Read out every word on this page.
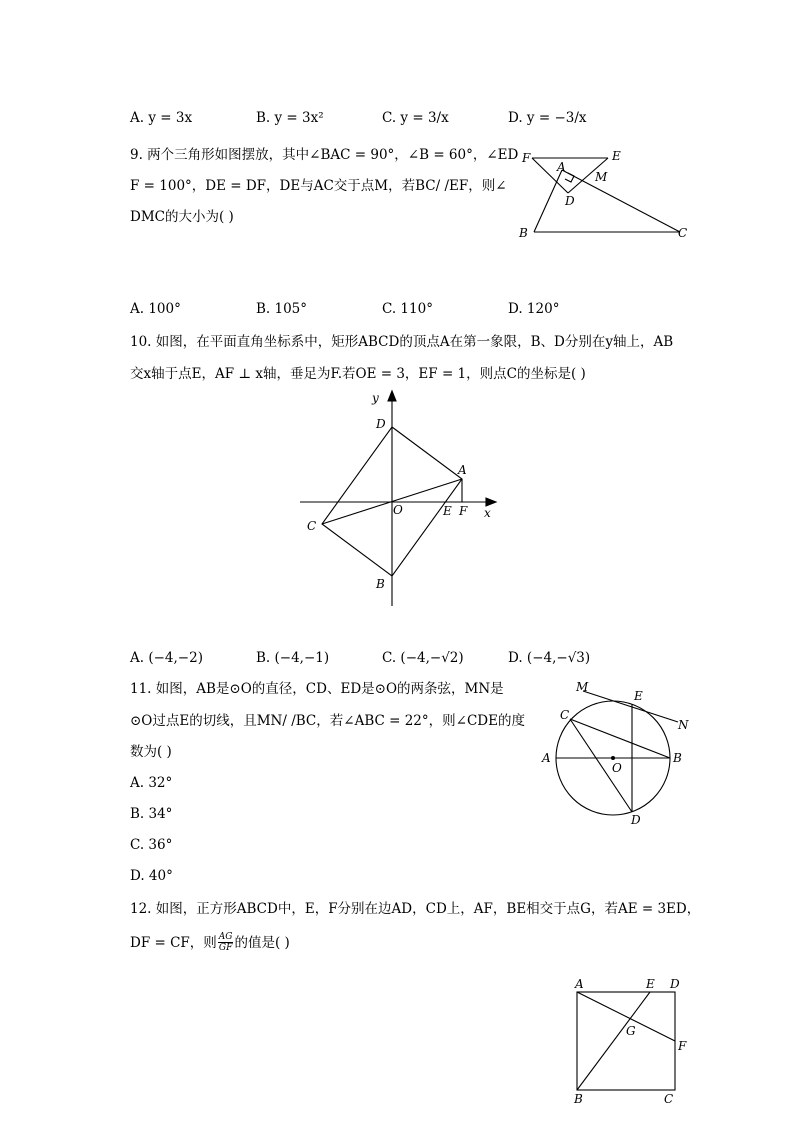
A. y = 3x	B. y = 3x²	C. y = 3/x	D. y = −3/x
9. 两个三角形如图摆放，其中∠BAC = 90°，∠B = 60°，∠ED
F = 100°，DE = DF，DE与AC交于点M，若BC/ /EF，则∠
DMC的大小为( )
F	E
A
M
D
B	C
A. 100°	B. 105°	C. 110°	D. 120°
10. 如图，在平面直角坐标系中，矩形ABCD的顶点A在第一象限，B、D分别在y轴上，AB
交x轴于点E，AF ⊥ x轴，垂足为F.若OE = 3，EF = 1，则点C的坐标是( )
y
x
D
A
C
O	E F
B
A. (−4,−2)	B. (−4,−1)	C. (−4,−√2)	D. (−4,−√3)
11. 如图，AB是⊙O的直径，CD、ED是⊙O的两条弦，MN是
⊙O过点E的切线，且MN/ /BC，若∠ABC = 22°，则∠CDE的度
数为( )
A. 32°
B. 34°
C. 36°
D. 40°
M
E
N
C
A
O
B
D
12. 如图，正方形ABCD中，E，F分别在边AD，CD上，AF，BE相交于点G，若AE = 3ED，
DF = CF，则 $\frac{AG}{GF}$ 的值是( )
A	E D
G
F
B	C
